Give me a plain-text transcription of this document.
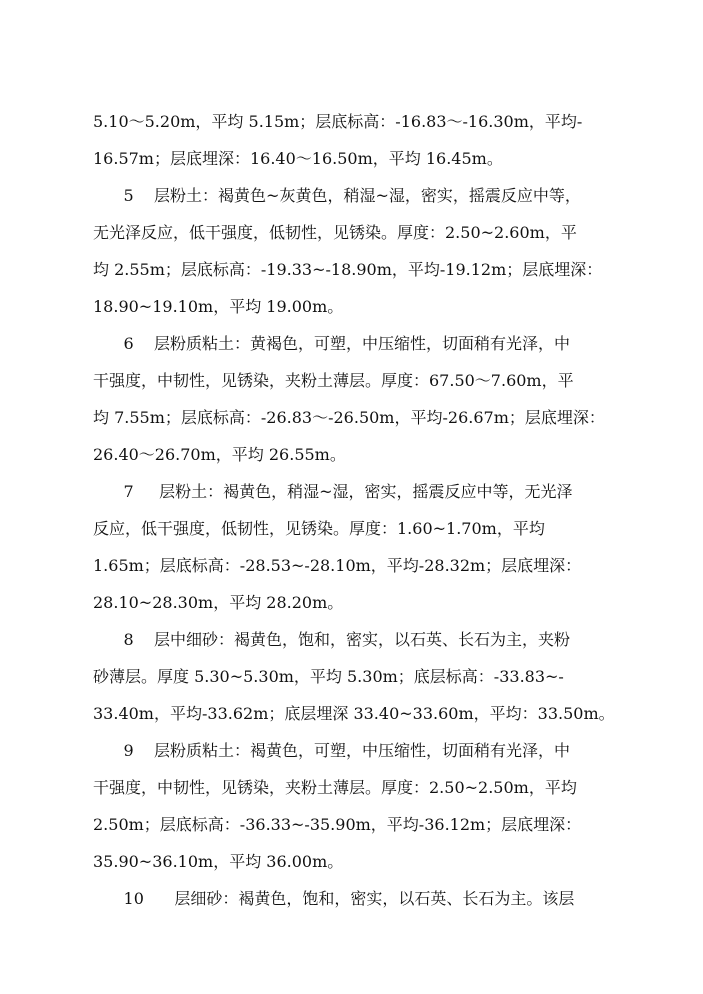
5.10～5.20m，平均 5.15m；层底标高：-16.83～-16.30m，平均-
16.57m；层底埋深：16.40～16.50m，平均 16.45m。
5    层粉土：褐黄色~灰黄色，稍湿~湿，密实，摇震反应中等，
无光泽反应，低干强度，低韧性，见锈染。厚度：2.50~2.60m，平
均 2.55m；层底标高：-19.33~-18.90m，平均-19.12m；层底埋深：
18.90~19.10m，平均 19.00m。
6    层粉质粘土：黄褐色，可塑，中压缩性，切面稍有光泽，中
干强度，中韧性，见锈染，夹粉土薄层。厚度：67.50～7.60m，平
均 7.55m；层底标高：-26.83～-26.50m，平均-26.67m；层底埋深：
26.40～26.70m，平均 26.55m。
7     层粉土：褐黄色，稍湿~湿，密实，摇震反应中等，无光泽
反应，低干强度，低韧性，见锈染。厚度：1.60~1.70m，平均
1.65m；层底标高：-28.53~-28.10m，平均-28.32m；层底埋深：
28.10~28.30m，平均 28.20m。
8    层中细砂：褐黄色，饱和，密实，以石英、长石为主，夹粉
砂薄层。厚度 5.30~5.30m，平均 5.30m；底层标高：-33.83~-
33.40m，平均-33.62m；底层埋深 33.40~33.60m，平均：33.50m。
9    层粉质粘土：褐黄色，可塑，中压缩性，切面稍有光泽，中
干强度，中韧性，见锈染，夹粉土薄层。厚度：2.50~2.50m，平均
2.50m；层底标高：-36.33~-35.90m，平均-36.12m；层底埋深：
35.90~36.10m，平均 36.00m。
10      层细砂：褐黄色，饱和，密实，以石英、长石为主。该层
